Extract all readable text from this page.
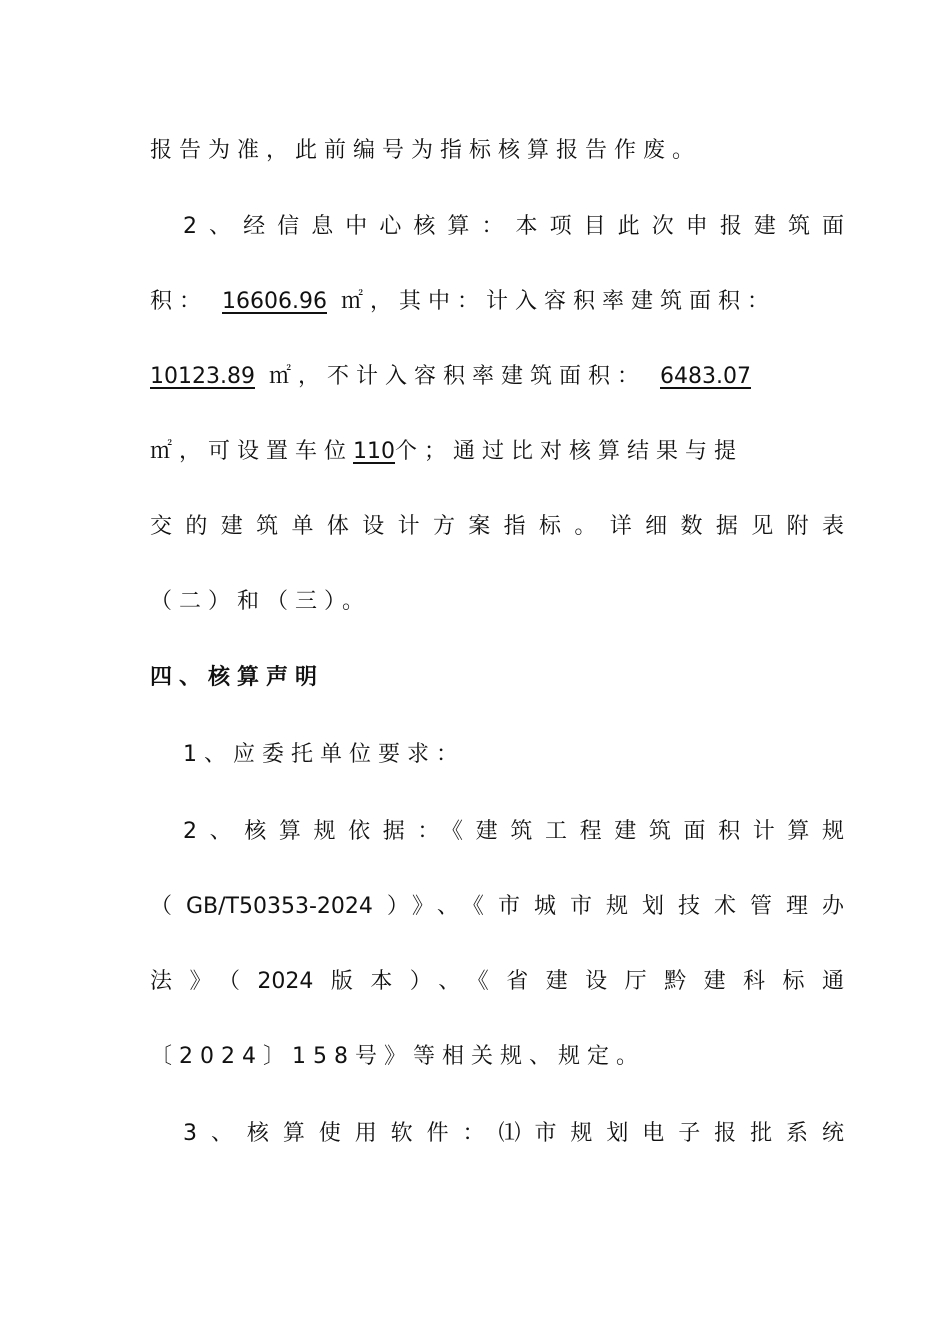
报告为准，此前编号为指标核算报告作废。
2、经信息中心核算：本项目此次申报建筑面
积： 16606.96 ㎡，其中：计入容积率建筑面积：
10123.89 ㎡，不计入容积率建筑面积： 6483.07
㎡，可设置车位110个；通过比对核算结果与提
交的建筑单体设计方案指标。详细数据见附表
（二）和（三）。
四、核算声明
1、应委托单位要求：
2、核算规依据：《建筑工程建筑面积计算规
（GB/T50353-2024）》、《市城市规划技术管理办
法》（2024版本）、《省建设厅黔建科标通
〔2024〕158号》等相关规、规定。
3、核算使用软件：⑴市规划电子报批系统
